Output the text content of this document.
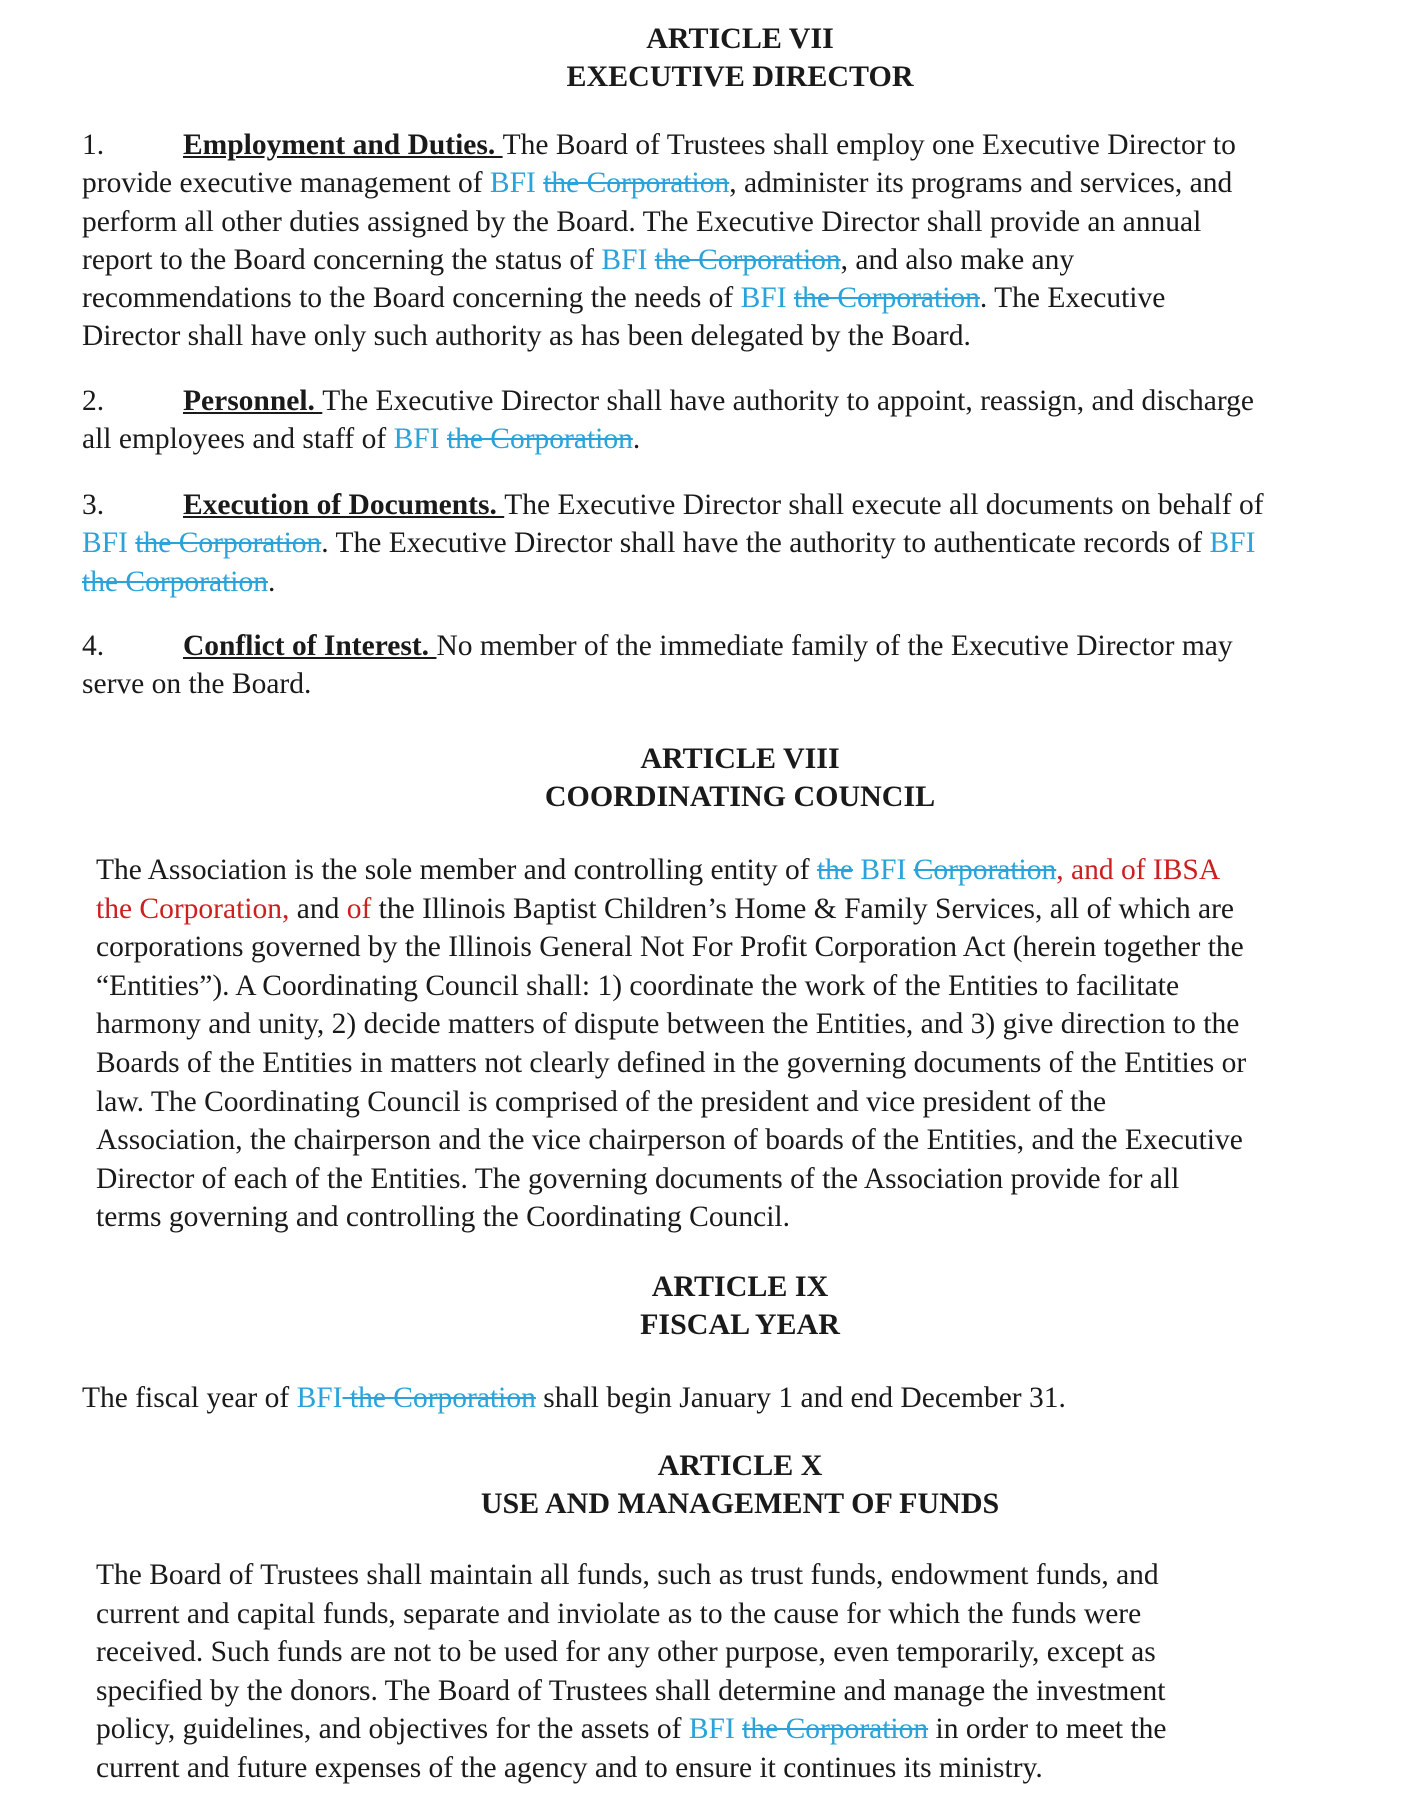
ARTICLE VII
EXECUTIVE DIRECTOR
1.	Employment and Duties. The Board of Trustees shall employ one Executive Director to
provide executive management of BFI the Corporation, administer its programs and services, and
perform all other duties assigned by the Board. The Executive Director shall provide an annual
report to the Board concerning the status of BFI the Corporation, and also make any
recommendations to the Board concerning the needs of BFI the Corporation. The Executive
Director shall have only such authority as has been delegated by the Board.
2.	Personnel. The Executive Director shall have authority to appoint, reassign, and discharge
all employees and staff of BFI the Corporation.
3.	Execution of Documents. The Executive Director shall execute all documents on behalf of
BFI the Corporation. The Executive Director shall have the authority to authenticate records of BFI
the Corporation.
4.	Conflict of Interest. No member of the immediate family of the Executive Director may
serve on the Board.
ARTICLE VIII
COORDINATING COUNCIL
The Association is the sole member and controlling entity of the BFI Corporation, and of IBSA
the Corporation, and of the Illinois Baptist Children’s Home & Family Services, all of which are
corporations governed by the Illinois General Not For Profit Corporation Act (herein together the
“Entities”). A Coordinating Council shall: 1) coordinate the work of the Entities to facilitate
harmony and unity, 2) decide matters of dispute between the Entities, and 3) give direction to the
Boards of the Entities in matters not clearly defined in the governing documents of the Entities or
law. The Coordinating Council is comprised of the president and vice president of the
Association, the chairperson and the vice chairperson of boards of the Entities, and the Executive
Director of each of the Entities. The governing documents of the Association provide for all
terms governing and controlling the Coordinating Council.
ARTICLE IX
FISCAL YEAR
The fiscal year of BFI the Corporation shall begin January 1 and end December 31.
ARTICLE X
USE AND MANAGEMENT OF FUNDS
The Board of Trustees shall maintain all funds, such as trust funds, endowment funds, and
current and capital funds, separate and inviolate as to the cause for which the funds were
received. Such funds are not to be used for any other purpose, even temporarily, except as
specified by the donors. The Board of Trustees shall determine and manage the investment
policy, guidelines, and objectives for the assets of BFI the Corporation in order to meet the
current and future expenses of the agency and to ensure it continues its ministry.
